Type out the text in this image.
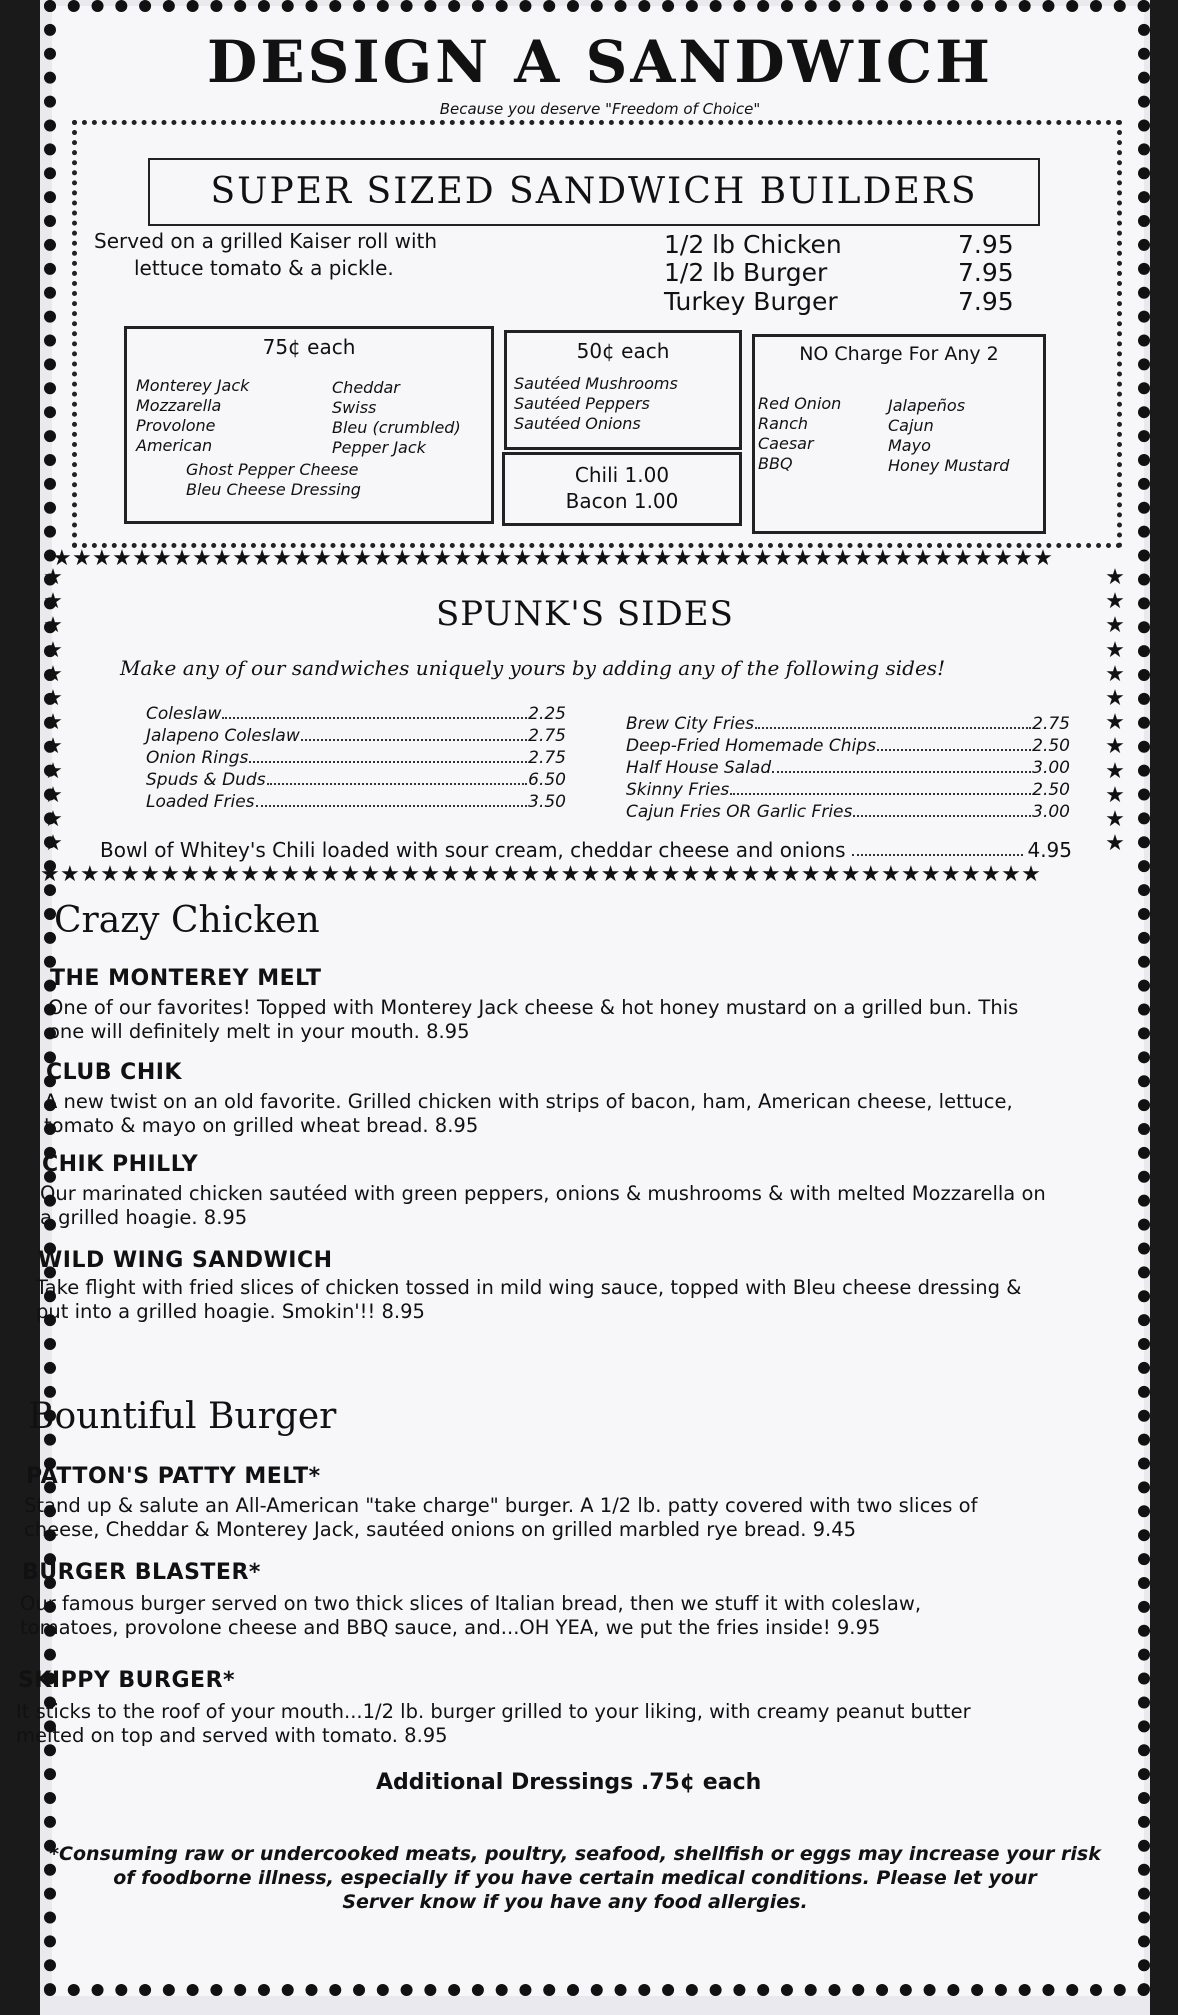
DESIGN A SANDWICH
Because you deserve "Freedom of Choice"
SUPER SIZED SANDWICH BUILDERS
Served on a grilled Kaiser roll with
lettuce tomato & a pickle.
1/2 lb Chicken	7.95
1/2 lb Burger	7.95
Turkey Burger	7.95
75¢ each
Monterey Jack
Mozzarella
Provolone
American
Cheddar
Swiss
Bleu (crumbled)
Pepper Jack
Ghost Pepper Cheese
Bleu Cheese Dressing
50¢ each
Sautéed Mushrooms
Sautéed Peppers
Sautéed Onions
Chili 1.00
Bacon 1.00
NO Charge For Any 2
Red Onion
Ranch
Caesar
BBQ
Jalapeños
Cajun
Mayo
Honey Mustard
★★★★★★★★★★★★★★★★★★★★★★★★★★★★★★★★★★★★★★★★★★★★★★★★★★
★★★★★★★★★★★★★★★★★★★★★★★★★★★★★★★★★★★★★★★★★★★★★★★★★★
★
★
★
★
★
★
★
★
★
★
★
★
★
★
★
★
★
★
★
★
★
★
★
★
SPUNK'S SIDES
Make any of our sandwiches uniquely yours by adding any of the following sides!
Coleslaw	2.25
Jalapeno Coleslaw	2.75
Onion Rings	2.75
Spuds & Duds	6.50
Loaded Fries	3.50
Brew City Fries	2.75
Deep-Fried Homemade Chips	2.50
Half House Salad	3.00
Skinny Fries	2.50
Cajun Fries OR Garlic Fries	3.00
Bowl of Whitey's Chili loaded with sour cream, cheddar cheese and onions	4.95
Crazy Chicken
THE MONTEREY MELT
One of our favorites! Topped with Monterey Jack cheese & hot honey mustard on a grilled bun. This
one will definitely melt in your mouth. 8.95
CLUB CHIK
A new twist on an old favorite. Grilled chicken with strips of bacon, ham, American cheese, lettuce,
tomato & mayo on grilled wheat bread. 8.95
CHIK PHILLY
Our marinated chicken sautéed with green peppers, onions & mushrooms & with melted Mozzarella on
a grilled hoagie. 8.95
WILD WING SANDWICH
Take flight with fried slices of chicken tossed in mild wing sauce, topped with Bleu cheese dressing &
put into a grilled hoagie. Smokin'!! 8.95
Bountiful Burger
PATTON'S PATTY MELT*
Stand up & salute an All-American "take charge" burger. A 1/2 lb. patty covered with two slices of
cheese, Cheddar & Monterey Jack, sautéed onions on grilled marbled rye bread. 9.45
BURGER BLASTER*
Our famous burger served on two thick slices of Italian bread, then we stuff it with coleslaw,
tomatoes, provolone cheese and BBQ sauce, and...OH YEA, we put the fries inside! 9.95
SKIPPY BURGER*
It sticks to the roof of your mouth...1/2 lb. burger grilled to your liking, with creamy peanut butter
melted on top and served with tomato. 8.95
Additional Dressings .75¢ each
*Consuming raw or undercooked meats, poultry, seafood, shellfish or eggs may increase your risk
of foodborne illness, especially if you have certain medical conditions. Please let your
Server know if you have any food allergies.
